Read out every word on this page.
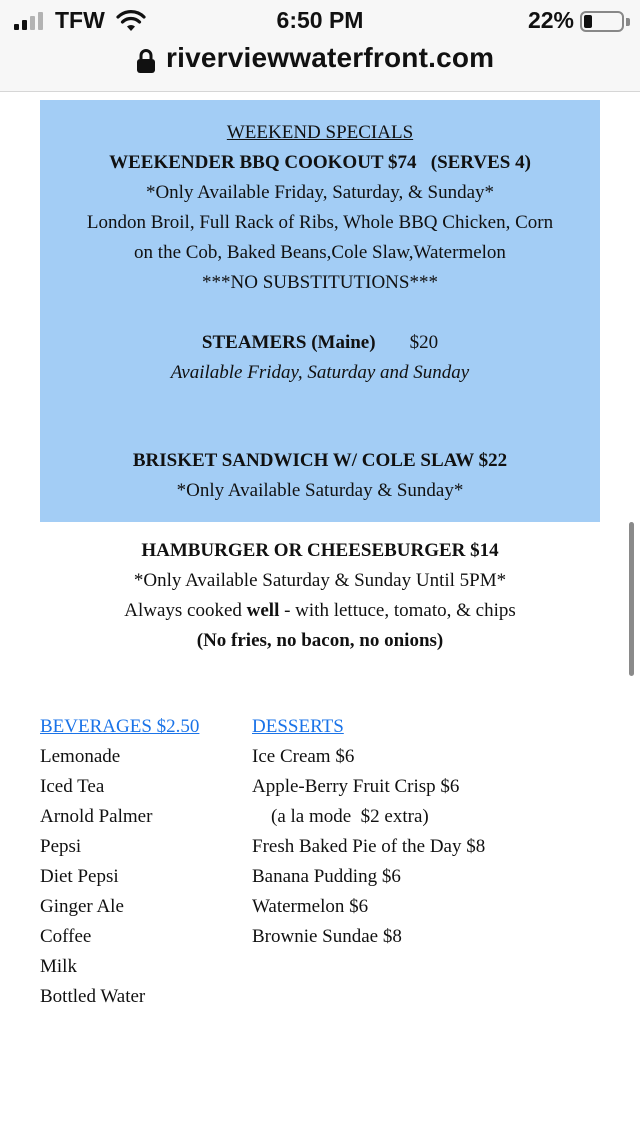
TFW	6:50 PM	22%
riverviewwaterfront.com
WEEKEND SPECIALS
WEEKENDER BBQ COOKOUT $74   (SERVES 4)
*Only Available Friday, Saturday, & Sunday*
London Broil, Full Rack of Ribs, Whole BBQ Chicken, Corn
on the Cob, Baked Beans,Cole Slaw,Watermelon
***NO SUBSTITUTIONS***
STEAMERS (Maine) $20
Available Friday, Saturday and Sunday
BRISKET SANDWICH W/ COLE SLAW $22
*Only Available Saturday & Sunday*
HAMBURGER OR CHEESEBURGER $14
*Only Available Saturday & Sunday Until 5PM*
Always cooked well - with lettuce, tomato, & chips
(No fries, no bacon, no onions)
BEVERAGES $2.50
Lemonade
Iced Tea
Arnold Palmer
Pepsi
Diet Pepsi
Ginger Ale
Coffee
Milk
Bottled Water
DESSERTS
Ice Cream $6
Apple-Berry Fruit Crisp $6
(a la mode  $2 extra)
Fresh Baked Pie of the Day $8
Banana Pudding $6
Watermelon $6
Brownie Sundae $8
